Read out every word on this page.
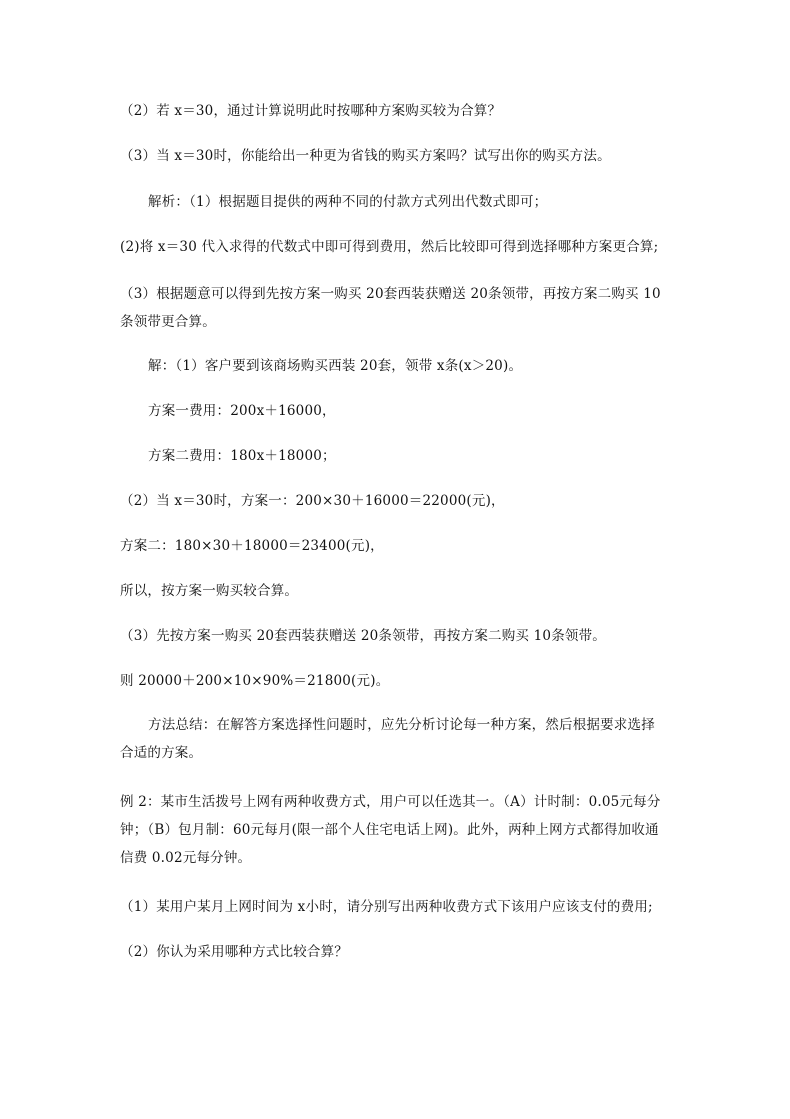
（2）若 x＝30，通过计算说明此时按哪种方案购买较为合算？
（3）当 x＝30时，你能给出一种更为省钱的购买方案吗？试写出你的购买方法。
解析：（1）根据题目提供的两种不同的付款方式列出代数式即可；
(2)将 x＝30 代入求得的代数式中即可得到费用，然后比较即可得到选择哪种方案更合算;
（3）根据题意可以得到先按方案一购买 20套西装获赠送 20条领带，再按方案二购买 10
条领带更合算。
解：（1）客户要到该商场购买西装 20套，领带 x条(x＞20)。
方案一费用：200x＋16000，
方案二费用：180x＋18000；
（2）当 x＝30时，方案一：200×30＋16000＝22000(元)，
方案二：180×30＋18000＝23400(元)，
所以，按方案一购买较合算。
（3）先按方案一购买 20套西装获赠送 20条领带，再按方案二购买 10条领带。
则 20000＋200×10×90%＝21800(元)。
方法总结：在解答方案选择性问题时，应先分析讨论每一种方案，然后根据要求选择
合适的方案。
例 2：某市生活拨号上网有两种收费方式，用户可以任选其一。（A）计时制：0.05元每分
钟；（B）包月制：60元每月(限一部个人住宅电话上网)。此外，两种上网方式都得加收通
信费 0.02元每分钟。
（1）某用户某月上网时间为 x小时，请分别写出两种收费方式下该用户应该支付的费用;
（2）你认为采用哪种方式比较合算？
